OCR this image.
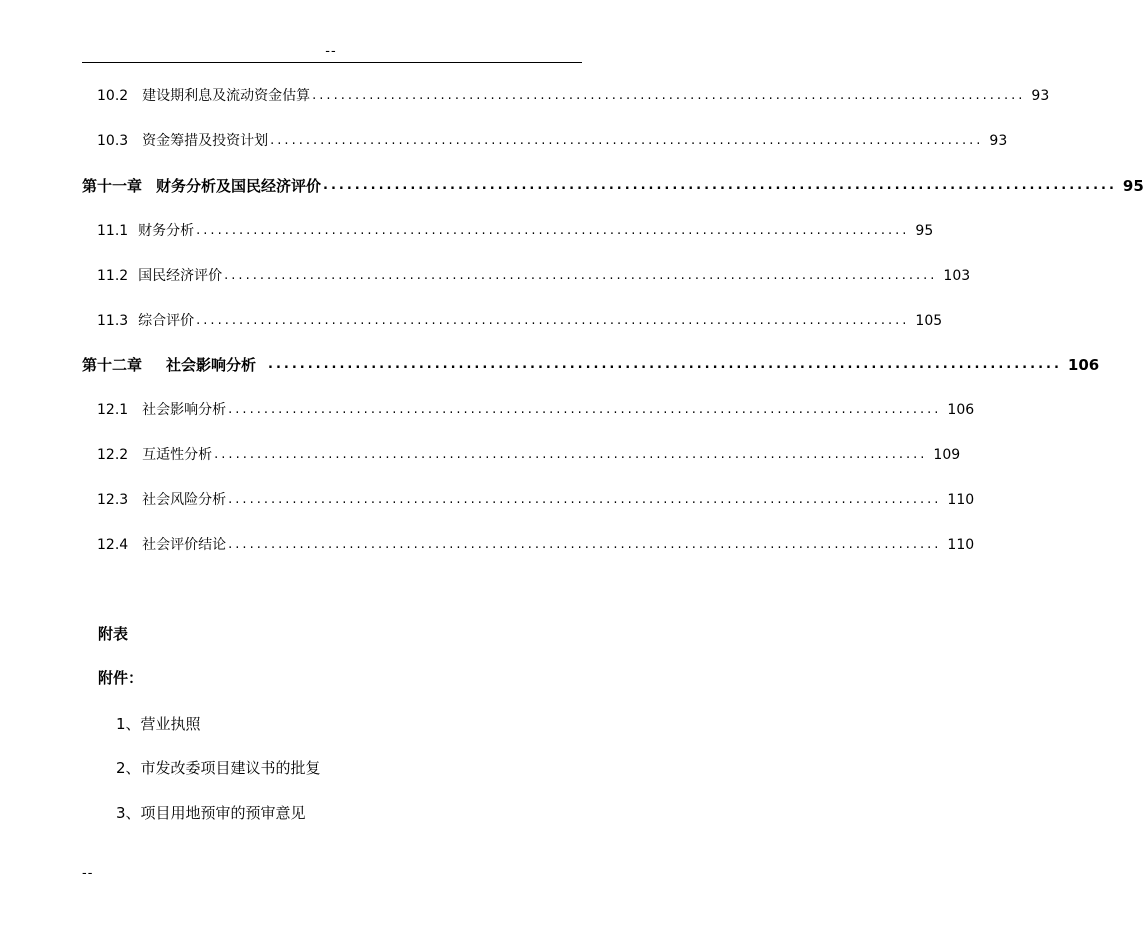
--
10.2 建设期利息及流动资金估算 .................................................................................................... 93
10.3 资金筹措及投资计划 .................................................................................................... 93
第十一章 财务分析及国民经济评价 .................................................................................................... 95
11.1 财务分析 .................................................................................................... 95
11.2 国民经济评价 .................................................................................................... 103
11.3 综合评价 .................................................................................................... 105
第十二章 社会影响分析 .................................................................................................... 106
12.1 社会影响分析 .................................................................................................... 106
12.2 互适性分析 .................................................................................................... 109
12.3 社会风险分析 .................................................................................................... 110
12.4 社会评价结论 .................................................................................................... 110
附表
附件：
1、营业执照
2、市发改委项目建议书的批复
3、项目用地预审的预审意见
--
